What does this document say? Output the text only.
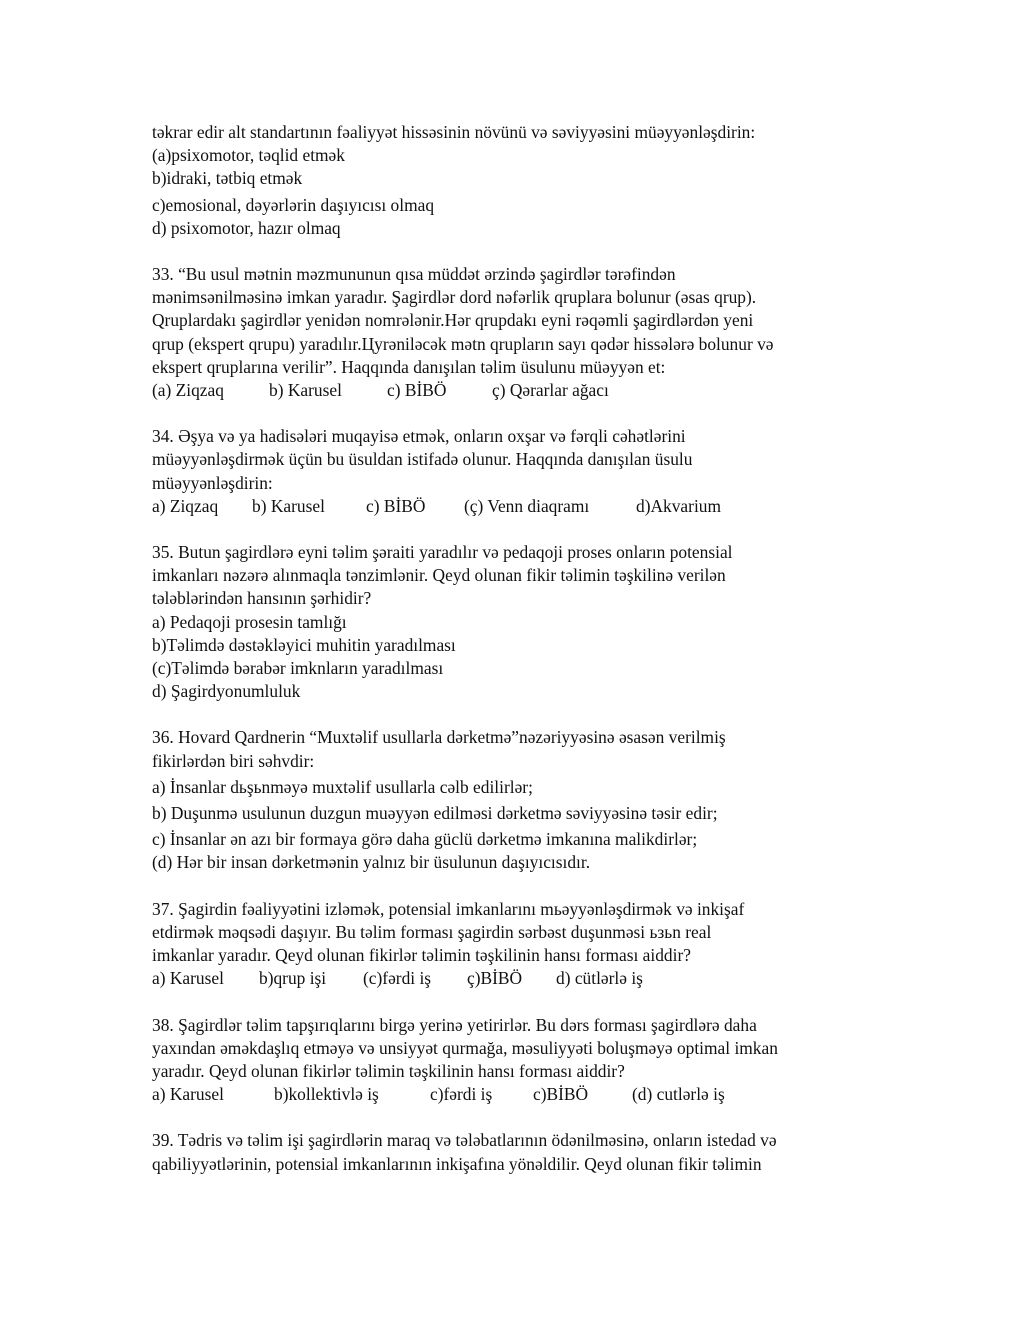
təkrar edir alt standartının fəaliyyət hissəsinin növünü və səviyyəsini müəyyənləşdirin:
(a)psixomotor, təqlid etmək
b)idraki, tətbiq etmək
c)emosional, dəyərlərin daşıyıcısı olmaq
d) psixomotor, hazır olmaq
33. “Bu usul mətnin məzmununun qısa müddət ərzində şagirdlər tərəfindən
mənimsənilməsinə imkan yaradır. Şagirdlər dord nəfərlik qruplara bolunur (əsas qrup).
Qruplardakı şagirdlər yenidən nomrələnir.Hər qrupdakı eyni rəqəmli şagirdlərdən yeni
qrup (ekspert qrupu) yaradılır.Цyrəniləcək mətn qrupların sayı qədər hissələrə bolunur və
ekspert qruplarına verilir”. Haqqında danışılan təlim üsulunu müəyyən et:
(a) Ziqzaq	b) Karusel	c) BİBÖ	ç) Qərarlar ağacı
34. Əşya və ya hadisələri muqayisə etmək, onların oxşar və fərqli cəhətlərini
müəyyənləşdirmək üçün bu üsuldan istifadə olunur. Haqqında danışılan üsulu
müəyyənləşdirin:
a) Ziqzaq b) Karusel c) BİBÖ (ç) Venn diaqramı	d)Akvarium
35. Butun şagirdlərə eyni təlim şəraiti yaradılır və pedaqoji proses onların potensial
imkanları nəzərə alınmaqla tənzimlənir. Qeyd olunan fikir təlimin təşkilinə verilən
tələblərindən hansının şərhidir?
a) Pedaqoji prosesin tamlığı
b)Təlimdə dəstəkləyici muhitin yaradılması
(c)Təlimdə bərabər imknların yaradılması
d) Şagirdyonumluluk
36. Hovard Qardnerin “Muxtəlif usullarla dərketmə”nəzəriyyəsinə əsasən verilmiş
fikirlərdən biri səhvdir:
a) İnsanlar dьşьnməyə muxtəlif usullarla cəlb edilirlər;
b) Duşunmə usulunun duzgun muəyyən edilməsi dərketmə səviyyəsinə təsir edir;
c) İnsanlar ən azı bir formaya görə daha güclü dərketmə imkanına malikdirlər;
(d) Hər bir insan dərketmənin yalnız bir üsulunun daşıyıcısıdır.
37. Şagirdin fəaliyyətini izləmək, potensial imkanlarını mьəyyənləşdirmək və inkişaf
etdirmək məqsədi daşıyır. Bu təlim forması şagirdin sərbəst duşunməsi ьзьn real
imkanlar yaradır. Qeyd olunan fikirlər təlimin təşkilinin hansı forması aiddir?
a) Karusel b)qrup işi (c)fərdi iş ç)BİBÖ d) cütlərlə iş
38. Şagirdlər təlim tapşırıqlarını birgə yerinə yetirirlər. Bu dərs forması şagirdlərə daha
yaxından əməkdaşlıq etməyə və unsiyyət qurmağa, məsuliyyəti boluşməyə optimal imkan
yaradır. Qeyd olunan fikirlər təlimin təşkilinin hansı forması aiddir?
a) Karusel	b)kollektivlə iş	c)fərdi iş c)BİBÖ	(d) cutlərlə iş
39. Tədris və təlim işi şagirdlərin maraq və tələbatlarının ödənilməsinə, onların istedad və
qabiliyyətlərinin, potensial imkanlarının inkişafına yönəldilir. Qeyd olunan fikir təlimin
